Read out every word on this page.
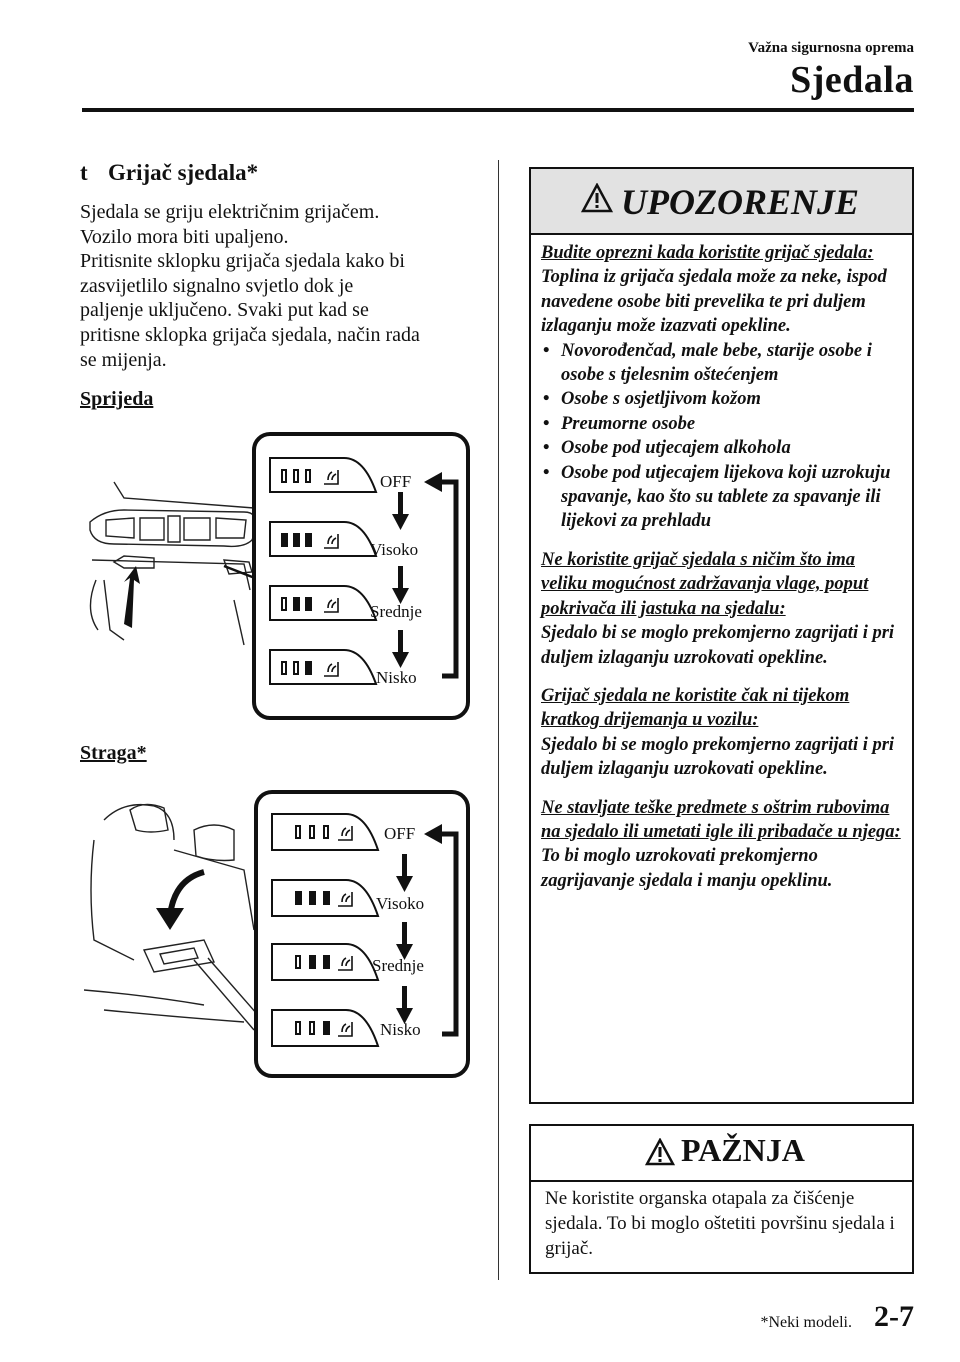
Važna sigurnosna oprema
Sjedala
t Grijač sjedala*
Sjedala se griju električnim grijačem.
Vozilo mora biti upaljeno.
Pritisnite sklopku grijača sjedala kako bi
zasvijetlilo signalno svjetlo dok je
paljenje uključeno. Svaki put kad se
pritisne sklopka grijača sjedala, način rada
se mijenja.
Sprijeda
OFF
Visoko
Srednje
Nisko
Straga*
OFF
Visoko
Srednje
Nisko
UPOZORENJE

Budite oprezni kada koristite grijač sjedala:
Toplina iz grijača sjedala može za neke, ispod navedene osobe biti prevelika te pri duljem izlaganju može izazvati opekline.

• Novorođenčad, male bebe, starije osobe i osobe s tjelesnim oštećenjem
• Osobe s osjetljivom kožom
• Preumorne osobe
• Osobe pod utjecajem alkohola
• Osobe pod utjecajem lijekova koji uzrokuju spavanje, kao što su tablete za spavanje ili lijekovi za prehladu

Ne koristite grijač sjedala s ničim što ima veliku mogućnost zadržavanja vlage, poput pokrivača ili jastuka na sjedalu:
Sjedalo bi se moglo prekomjerno zagrijati i pri duljem izlaganju uzrokovati opekline.

Grijač sjedala ne koristite čak ni tijekom kratkog drijemanja u vozilu:
Sjedalo bi se moglo prekomjerno zagrijati i pri duljem izlaganju uzrokovati opekline.

Ne stavljate teške predmete s oštrim rubovima na sjedalo ili umetati igle ili pribadače u njega:
To bi moglo uzrokovati prekomjerno zagrijavanje sjedala i manju opeklinu.

PAŽNJA
Ne koristite organska otapala za čišćenje sjedala. To bi moglo oštetiti površinu sjedala i grijač.
*Neki modeli. 2-7
